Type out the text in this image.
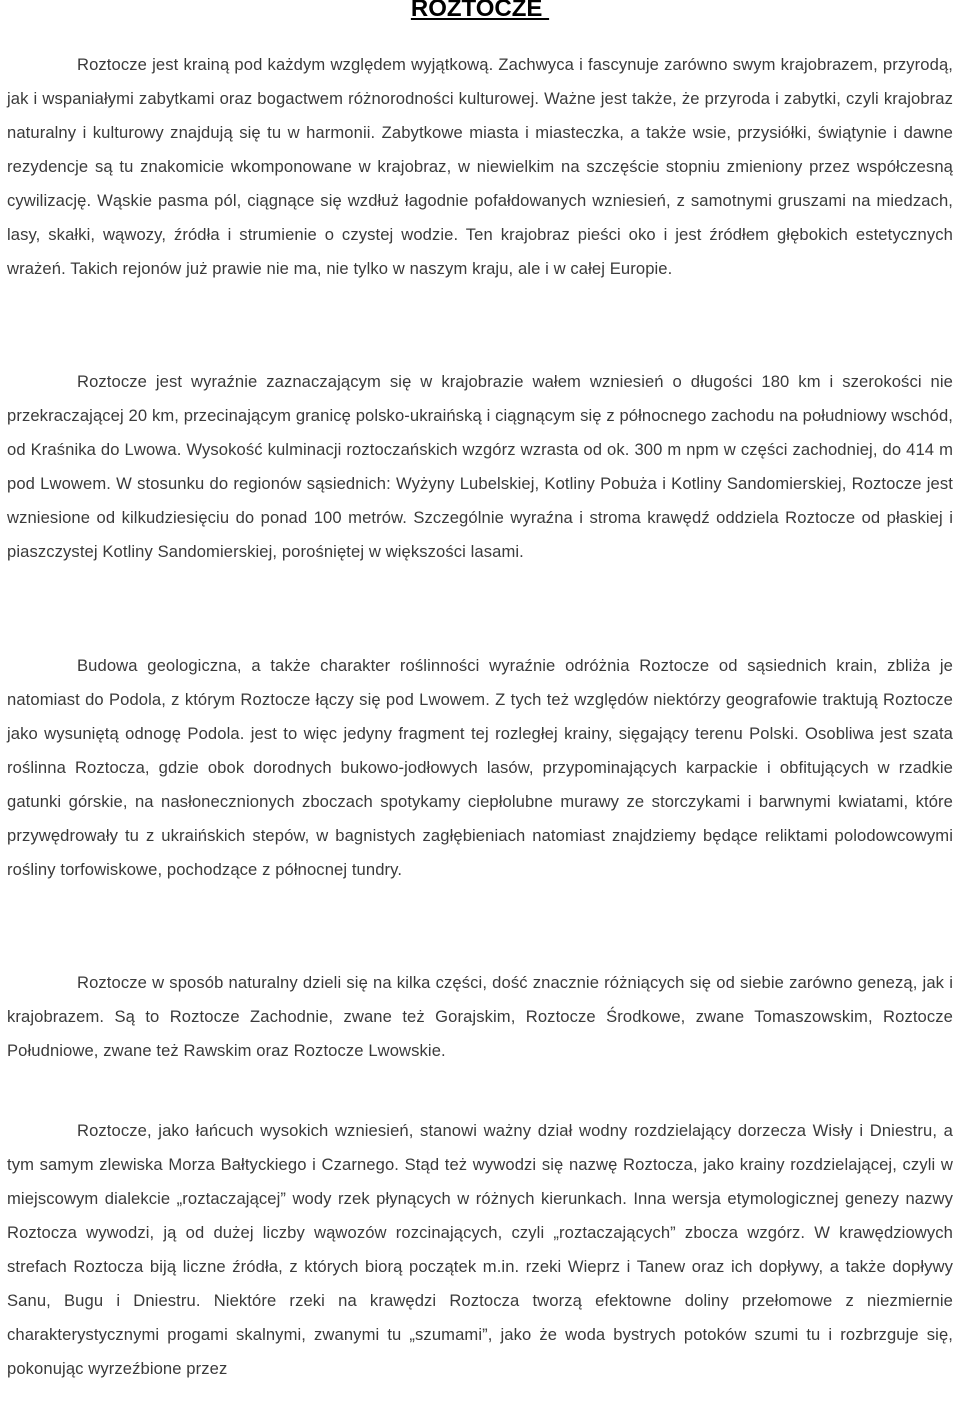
ROZTOCZE

Roztocze jest krainą pod każdym względem wyjątkową. Zachwyca i fascynuje zarówno swym krajobrazem, przyrodą, jak i wspaniałymi zabytkami oraz bogactwem różnorodności kulturowej. Ważne jest także, że przyroda i zabytki, czyli krajobraz naturalny i kulturowy znajdują się tu w harmonii. Zabytkowe miasta i miasteczka, a także wsie, przysiółki, świątynie i dawne rezydencje są tu znakomicie wkomponowane w krajobraz, w niewielkim na szczęście stopniu zmieniony przez współczesną cywilizację. Wąskie pasma pól, ciągnące się wzdłuż łagodnie pofałdowanych wzniesień, z samotnymi gruszami na miedzach, lasy, skałki, wąwozy, źródła i strumienie o czystej wodzie. Ten krajobraz pieści oko i jest źródłem głębokich estetycznych wrażeń. Takich rejonów już prawie nie ma, nie tylko w naszym kraju, ale i w całej Europie.

Roztocze jest wyraźnie zaznaczającym się w krajobrazie wałem wzniesień o długości 180 km i szerokości nie przekraczającej 20 km, przecinającym granicę polsko-ukraińską i ciągnącym się z północnego zachodu na południowy wschód, od Kraśnika do Lwowa. Wysokość kulminacji roztoczańskich wzgórz wzrasta od ok. 300 m npm w części zachodniej, do 414 m pod Lwowem. W stosunku do regionów sąsiednich: Wyżyny Lubelskiej, Kotliny Pobuża i Kotliny Sandomierskiej, Roztocze jest wzniesione od kilkudziesięciu do ponad 100 metrów. Szczególnie wyraźna i stroma krawędź oddziela Roztocze od płaskiej i piaszczystej Kotliny Sandomierskiej, porośniętej w większości lasami.

Budowa geologiczna, a także charakter roślinności wyraźnie odróżnia Roztocze od sąsiednich krain, zbliża je natomiast do Podola, z którym Roztocze łączy się pod Lwowem. Z tych też względów niektórzy geografowie traktują Roztocze jako wysuniętą odnogę Podola. jest to więc jedyny fragment tej rozległej krainy, sięgający terenu Polski. Osobliwa jest szata roślinna Roztocza, gdzie obok dorodnych bukowo-jodłowych lasów, przypominających karpackie i obfitujących w rzadkie gatunki górskie, na nasłonecznionych zboczach spotykamy ciepłolubne murawy ze storczykami i barwnymi kwiatami, które przywędrowały tu z ukraińskich stepów, w bagnistych zagłębieniach natomiast znajdziemy będące reliktami polodowcowymi rośliny torfowiskowe, pochodzące z północnej tundry.

Roztocze w sposób naturalny dzieli się na kilka części, dość znacznie różniących się od siebie zarówno genezą, jak i krajobrazem. Są to Roztocze Zachodnie, zwane też Gorajskim, Roztocze Środkowe, zwane Tomaszowskim, Roztocze Południowe, zwane też Rawskim oraz Roztocze Lwowskie.

Roztocze, jako łańcuch wysokich wzniesień, stanowi ważny dział wodny rozdzielający dorzecza Wisły i Dniestru, a tym samym zlewiska Morza Bałtyckiego i Czarnego. Stąd też wywodzi się nazwę Roztocza, jako krainy rozdzielającej, czyli w miejscowym dialekcie „roztaczającej” wody rzek płynących w różnych kierunkach. Inna wersja etymologicznej genezy nazwy Roztocza wywodzi, ją od dużej liczby wąwozów rozcinających, czyli „roztaczających” zbocza wzgórz. W krawędziowych strefach Roztocza biją liczne źródła, z których biorą początek m.in. rzeki Wieprz i Tanew oraz ich dopływy, a także dopływy Sanu, Bugu i Dniestru. Niektóre rzeki na krawędzi Roztocza tworzą efektowne doliny przełomowe z niezmiernie charakterystycznymi progami skalnymi, zwanymi tu „szumami”, jako że woda bystrych potoków szumi tu i rozbrzguje się, pokonując wyrzeźbione przez
